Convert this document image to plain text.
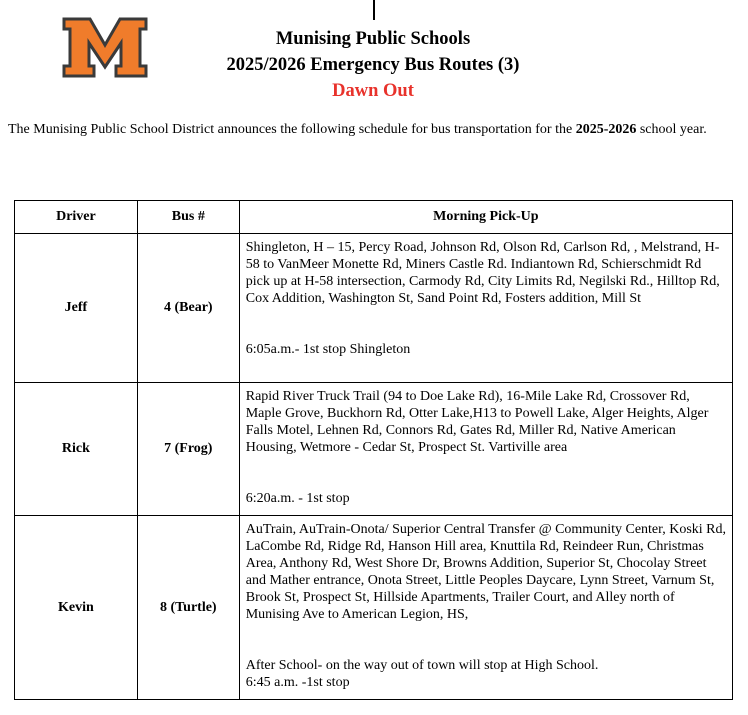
Munising Public Schools
2025/2026 Emergency Bus Routes (3)
Dawn Out
The Munising Public School District announces the following schedule for bus transportation for the 2025-2026 school year.
Driver	Bus #	Morning Pick-Up
Jeff	4 (Bear)	Shingleton, H – 15, Percy Road, Johnson Rd, Olson Rd, Carlson Rd, , Melstrand, H-58 to VanMeer Monette Rd, Miners Castle Rd. Indiantown Rd, Schierschmidt Rd pick up at H-58 intersection, Carmody Rd, City Limits Rd, Negilski Rd., Hilltop Rd, Cox Addition, Washington St, Sand Point Rd, Fosters addition, Mill St
6:05a.m.- 1st stop Shingleton

Rick	7 (Frog)	Rapid River Truck Trail (94 to Doe Lake Rd), 16-Mile Lake Rd, Crossover Rd, Maple Grove, Buckhorn Rd, Otter Lake,H13 to Powell Lake, Alger Heights, Alger Falls Motel, Lehnen Rd, Connors Rd, Gates Rd, Miller Rd, Native American Housing, Wetmore - Cedar St, Prospect St. Vartiville area
6:20a.m. - 1st stop

Kevin	8 (Turtle)	AuTrain, AuTrain-Onota/ Superior Central Transfer @ Community Center, Koski Rd, LaCombe Rd, Ridge Rd, Hanson Hill area, Knuttila Rd, Reindeer Run, Christmas Area, Anthony Rd, West Shore Dr, Browns Addition, Superior St, Chocolay Street and Mather entrance, Onota Street, Little Peoples Daycare, Lynn Street, Varnum St, Brook St, Prospect St, Hillside Apartments, Trailer Court, and Alley north of Munising Ave to American Legion, HS,
After School- on the way out of town will stop at High School.
6:45 a.m. -1st stop
